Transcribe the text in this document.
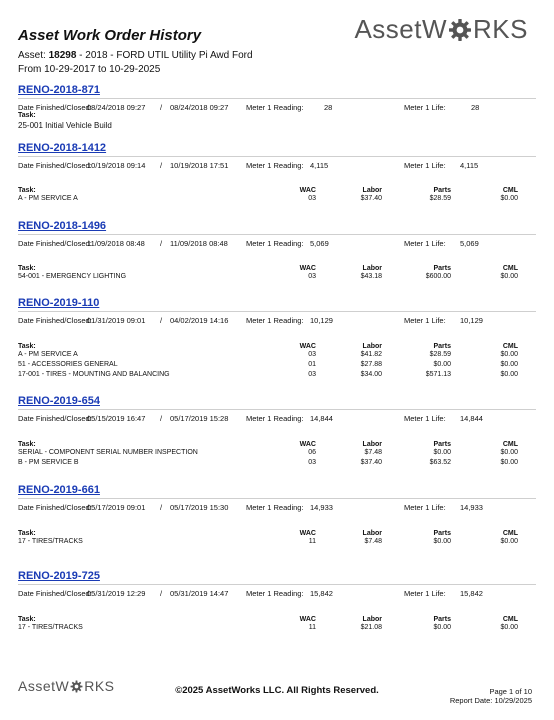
Asset Work Order History
Asset: 18298 - 2018 - FORD UTIL Utility Pi Awd Ford
From 10-29-2017 to 10-29-2025
Asset W RKS
RENO-2018-871
Date Finished/Closed:
08/24/2018 09:27 / 08/24/2018 09:27 Meter 1 Reading:	28	Meter 1 Life:	28
Task:
25-001 Initial Vehicle Build
RENO-2018-1412
Date Finished/Closed:
10/19/2018 09:14 / 10/19/2018 17:51 Meter 1 Reading: 4,115	Meter 1 Life: 4,115
Task:	WAC	Labor	Parts	CML
A - PM SERVICE A	03	$37.40	$28.59	$0.00
RENO-2018-1496
Date Finished/Closed:
11/09/2018 08:48 / 11/09/2018 08:48 Meter 1 Reading: 5,069	Meter 1 Life: 5,069
Task:	WAC	Labor	Parts	CML
54-001 - EMERGENCY LIGHTING	03	$43.18	$600.00	$0.00
RENO-2019-110
Date Finished/Closed:
01/31/2019 09:01 / 04/02/2019 14:16 Meter 1 Reading: 10,129	Meter 1 Life: 10,129
Task:	WAC	Labor	Parts	CML
A - PM SERVICE A	03	$41.82	$28.59	$0.00
51 - ACCESSORIES GENERAL	01	$27.88	$0.00	$0.00
17-001 - TIRES - MOUNTING AND BALANCING	03	$34.00	$571.13	$0.00
RENO-2019-654
Date Finished/Closed:
05/15/2019 16:47 / 05/17/2019 15:28 Meter 1 Reading: 14,844	Meter 1 Life: 14,844
Task:	WAC	Labor	Parts	CML
SERIAL - COMPONENT SERIAL NUMBER INSPECTION	06	$7.48	$0.00	$0.00
B - PM SERVICE B	03	$37.40	$63.52	$0.00
RENO-2019-661
Date Finished/Closed:
05/17/2019 09:01 / 05/17/2019 15:30 Meter 1 Reading: 14,933	Meter 1 Life: 14,933
Task:	WAC	Labor	Parts	CML
17 - TIRES/TRACKS	11	$7.48	$0.00	$0.00
RENO-2019-725
Date Finished/Closed:
05/31/2019 12:29 / 05/31/2019 14:47 Meter 1 Reading: 15,842	Meter 1 Life: 15,842
Task:	WAC	Labor	Parts	CML
17 - TIRES/TRACKS	11	$21.08	$0.00	$0.00
Asset W RKS	©2025 AssetWorks LLC. All Rights Reserved.	Page 1 of 10
Report Date: 10/29/2025
